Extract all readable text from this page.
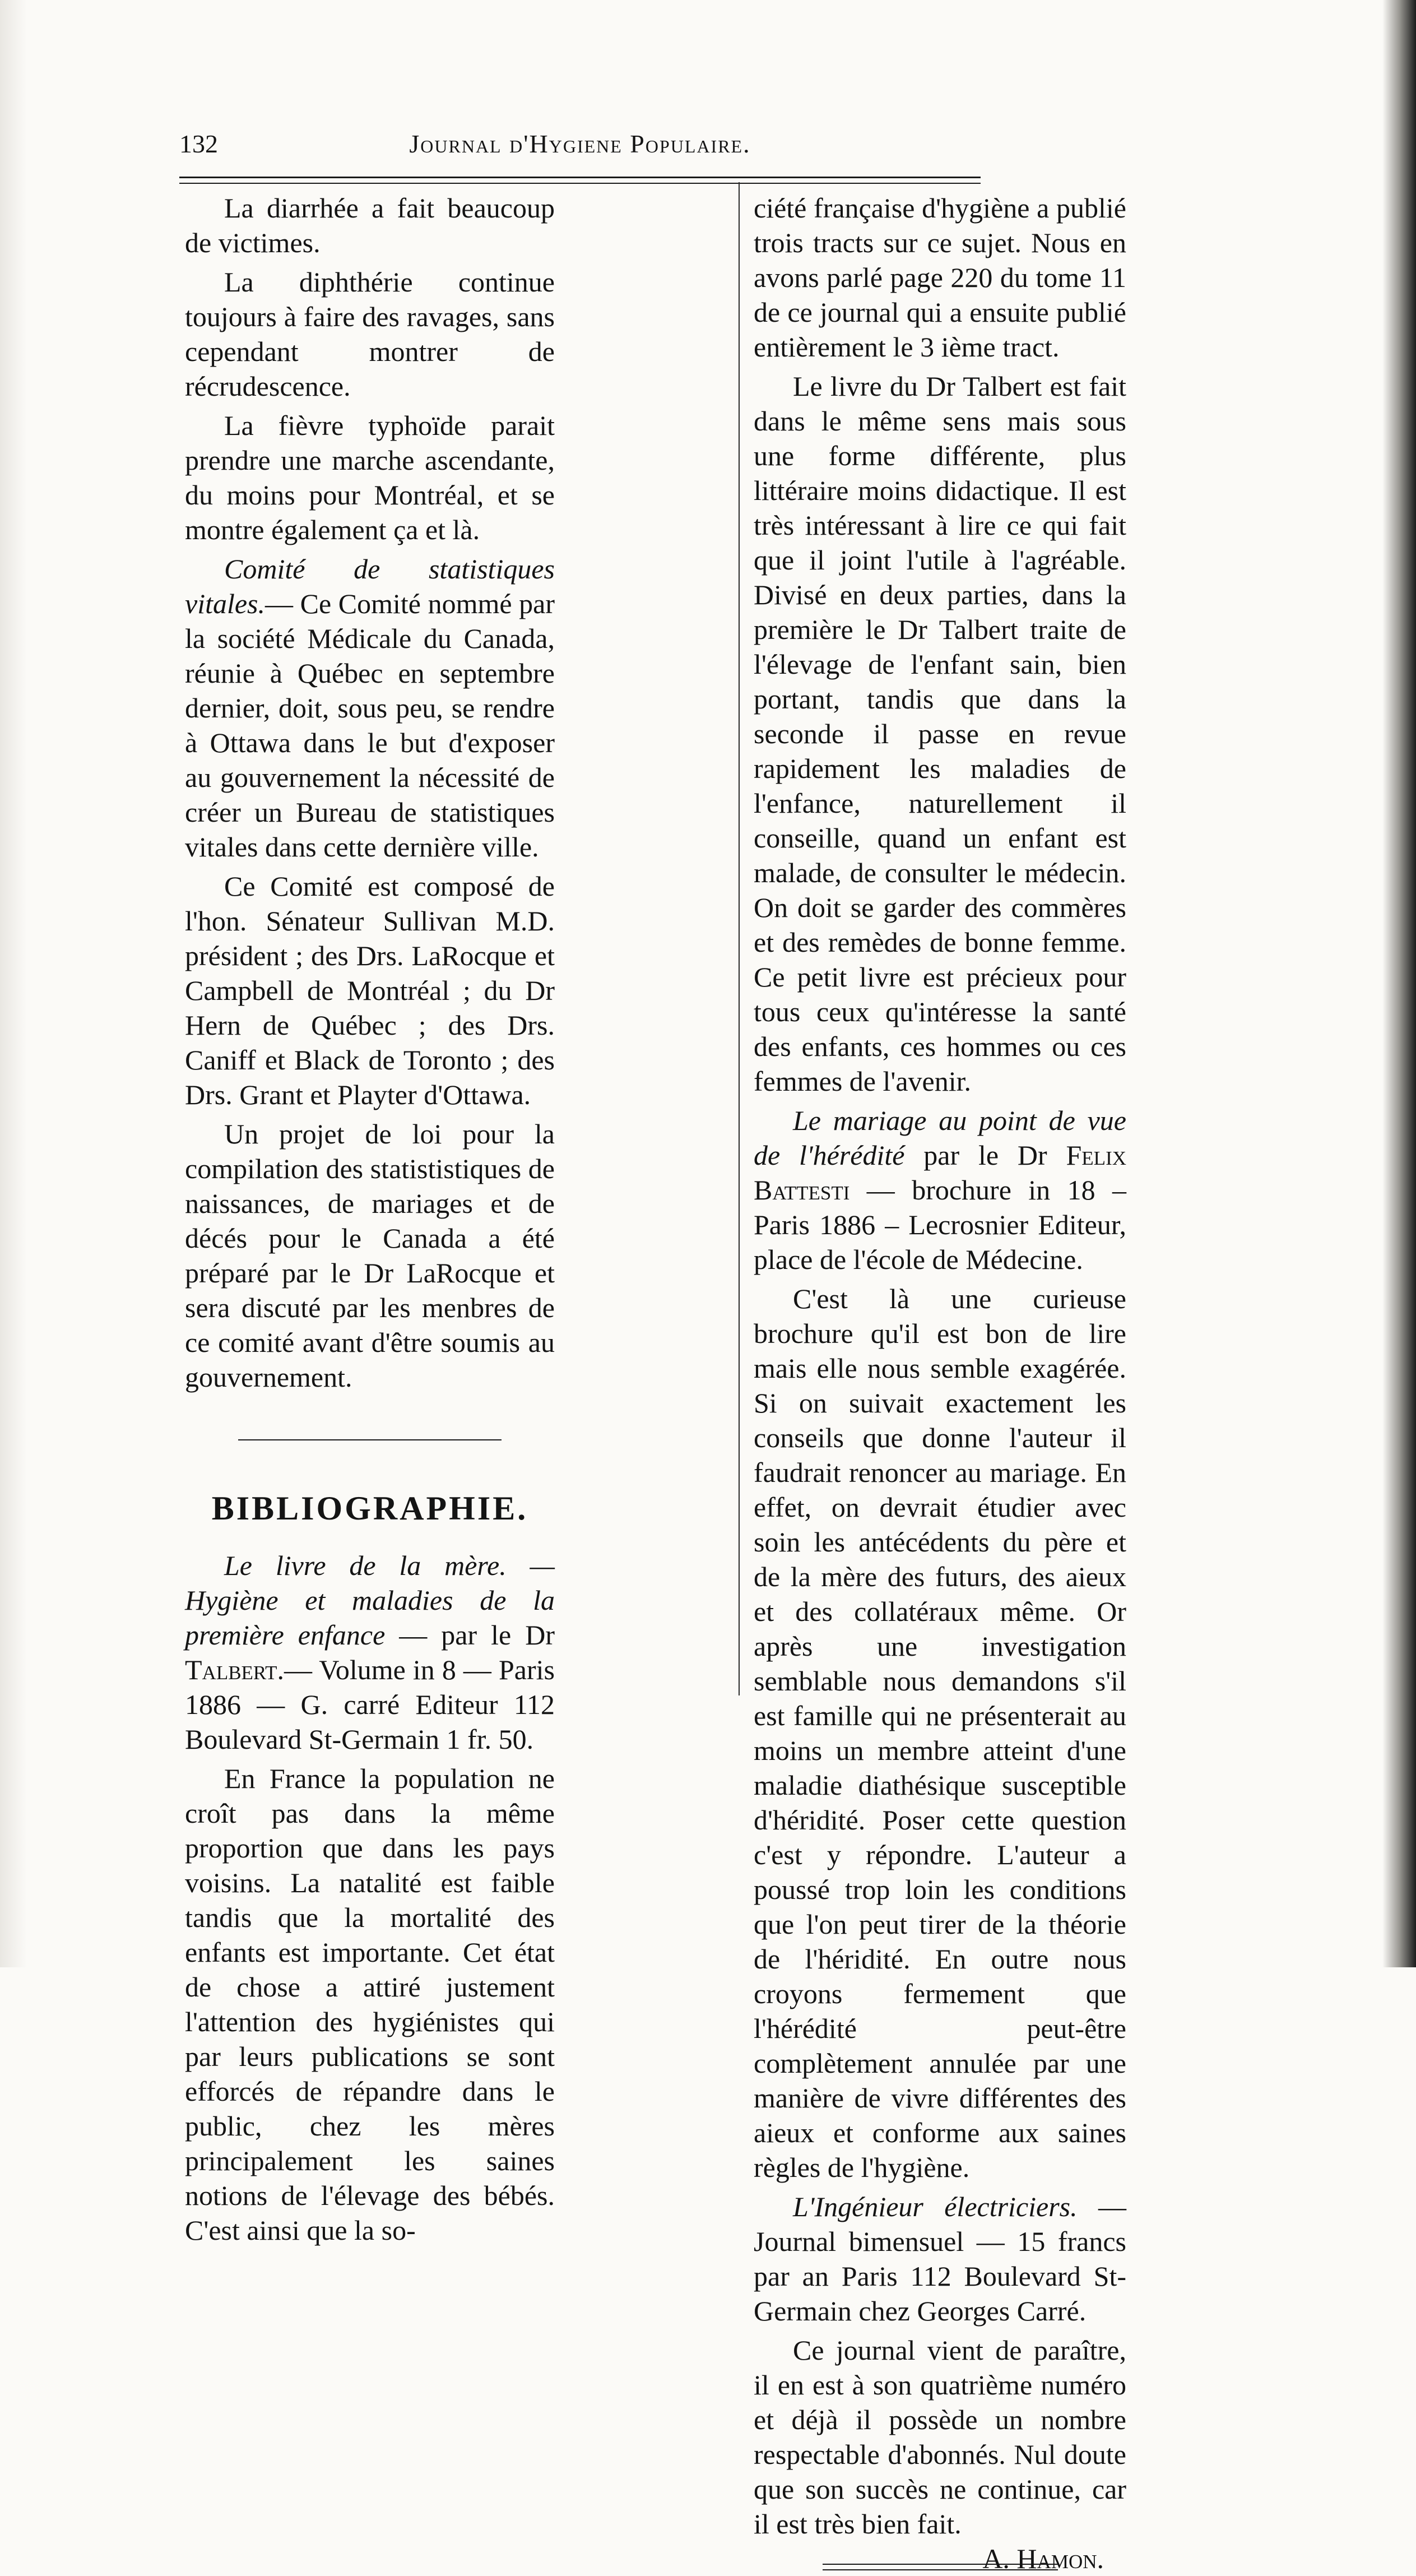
132	Journal d'Hygiene Populaire.

La diarrhée a fait beaucoup de victimes.

La diphthérie continue toujours à faire des ravages, sans cependant montrer de récrudescence.

La fièvre typhoïde parait prendre une marche ascendante, du moins pour Montréal, et se montre également ça et là.

Comité de statistiques vitales.— Ce Comité nommé par la société Médicale du Canada, réunie à Québec en septembre dernier, doit, sous peu, se rendre à Ottawa dans le but d'exposer au gouvernement la nécessité de créer un Bureau de statistiques vitales dans cette dernière ville.

Ce Comité est composé de l'hon. Sénateur Sullivan M.D. président ; des Drs. LaRocque et Campbell de Montréal ; du Dr Hern de Québec ; des Drs. Caniff et Black de Toronto ; des Drs. Grant et Playter d'Ottawa.

Un projet de loi pour la compilation des statististiques de naissances, de mariages et de décés pour le Canada a été préparé par le Dr LaRocque et sera discuté par les menbres de ce comité avant d'être soumis au gouvernement.

BIBLIOGRAPHIE.

Le livre de la mère. — Hygiène et maladies de la première enfance — par le Dr Talbert.— Volume in 8 — Paris 1886 — G. carré Editeur 112 Boulevard St-Germain 1 fr. 50.

En France la population ne croît pas dans la même proportion que dans les pays voisins. La natalité est faible tandis que la mortalité des enfants est importante. Cet état de chose a attiré justement l'attention des hygiénistes qui par leurs publications se sont efforcés de répandre dans le public, chez les mères principalement les saines notions de l'élevage des bébés. C'est ainsi que la so-

ciété française d'hygiène a publié trois tracts sur ce sujet. Nous en avons parlé page 220 du tome 11 de ce journal qui a ensuite publié entièrement le 3 ième tract.

Le livre du Dr Talbert est fait dans le même sens mais sous une forme différente, plus littéraire moins didactique. Il est très intéressant à lire ce qui fait que il joint l'utile à l'agréable. Divisé en deux parties, dans la première le Dr Talbert traite de l'élevage de l'enfant sain, bien portant, tandis que dans la seconde il passe en revue rapidement les maladies de l'enfance, naturellement il conseille, quand un enfant est malade, de consulter le médecin. On doit se garder des commères et des remèdes de bonne femme. Ce petit livre est précieux pour tous ceux qu'intéresse la santé des enfants, ces hommes ou ces femmes de l'avenir.

Le mariage au point de vue de l'hérédité par le Dr Felix Battesti — brochure in 18 – Paris 1886 – Lecrosnier Editeur, place de l'école de Médecine.

C'est là une curieuse brochure qu'il est bon de lire mais elle nous semble exagérée. Si on suivait exactement les conseils que donne l'auteur il faudrait renoncer au mariage. En effet, on devrait étudier avec soin les antécédents du père et de la mère des futurs, des aieux et des collatéraux même. Or après une investigation semblable nous demandons s'il est famille qui ne présenterait au moins un membre atteint d'une maladie diathésique susceptible d'héridité. Poser cette question c'est y répondre. L'auteur a poussé trop loin les conditions que l'on peut tirer de la théorie de l'héridité. En outre nous croyons fermement que l'hérédité peut-être complètement annulée par une manière de vivre différentes des aieux et conforme aux saines règles de l'hygiène.

L'Ingénieur électriciers. — Journal bimensuel — 15 francs par an Paris 112 Boulevard St-Germain chez Georges Carré.

Ce journal vient de paraître, il en est à son quatrième numéro et déjà il possède un nombre respectable d'abonnés. Nul doute que son succès ne continue, car il est très bien fait.
A. Hamon.
